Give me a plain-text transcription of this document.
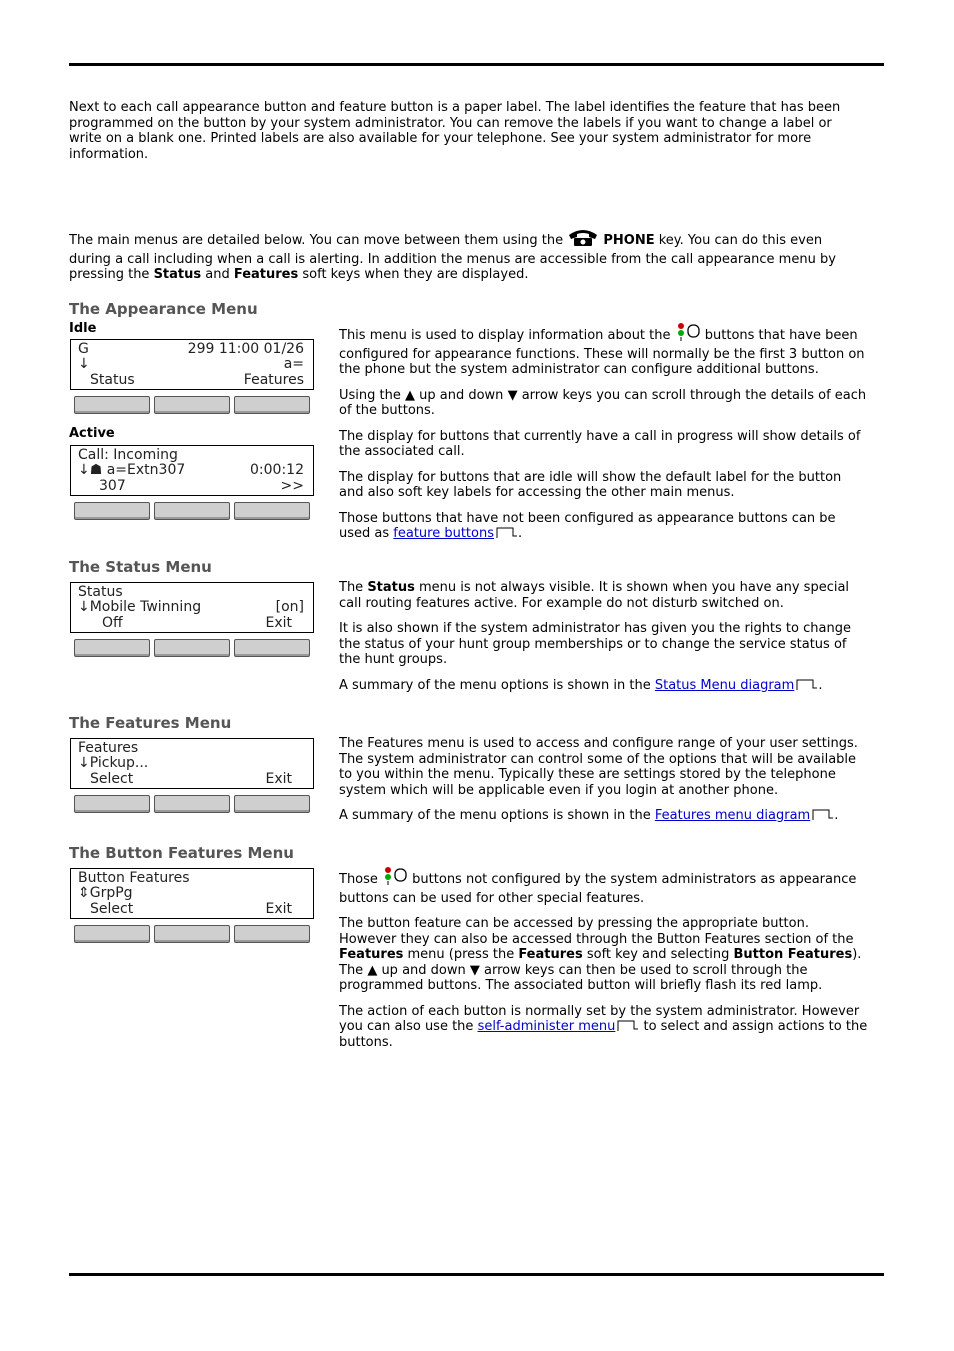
Next to each call appearance button and feature button is a paper label. The label identifies the feature that has been programmed on the button by your system administrator. You can remove the labels if you want to change a label or write on a blank one. Printed labels are also available for your telephone. See your system administrator for more information.

The main menus are detailed below. You can move between them using the	PHONE key. You can do this even during a call including when a call is alerting. In addition the menus are accessible from the call appearance menu by pressing the Status and Features soft keys when they are displayed.

The Appearance Menu
Idle
G	299 11:00 01/26
↓	a=
Status	Features
Active
Call: Incoming
↓☗ a=Extn307	0:00:12
307	>>

This menu is used to display information about the  buttons that have been configured for appearance functions. These will normally be the first 3 button on the phone but the system administrator can configure additional buttons.

Using the ▲ up and down ▼ arrow keys you can scroll through the details of each of the buttons.

The display for buttons that currently have a call in progress will show details of the associated call.

The display for buttons that are idle will show the default label for the button and also soft key labels for accessing the other main menus.

Those buttons that have not been configured as appearance buttons can be used as feature buttons .

The Status Menu
Status
↓Mobile Twinning	[on]
Off	Exit

The Status menu is not always visible. It is shown when you have any special call routing features active. For example do not disturb switched on.

It is also shown if the system administrator has given you the rights to change the status of your hunt group memberships or to change the service status of the hunt groups.

A summary of the menu options is shown in the Status Menu diagram .

The Features Menu
Features
↓Pickup...
Select	Exit

The Features menu is used to access and configure range of your user settings. The system administrator can control some of the options that will be available to you within the menu. Typically these are settings stored by the telephone system which will be applicable even if you login at another phone.

A summary of the menu options is shown in the Features menu diagram .

The Button Features Menu
Button Features
⇕GrpPg
Select	Exit

Those  buttons not configured by the system administrators as appearance buttons can be used for other special features.

The button feature can be accessed by pressing the appropriate button. However they can also be accessed through the Button Features section of the Features menu (press the Features soft key and selecting Button Features). The ▲ up and down ▼ arrow keys can then be used to scroll through the programmed buttons. The associated button will briefly flash its red lamp.

The action of each button is normally set by the system administrator. However you can also use the self-administer menu to select and assign actions to the buttons.
